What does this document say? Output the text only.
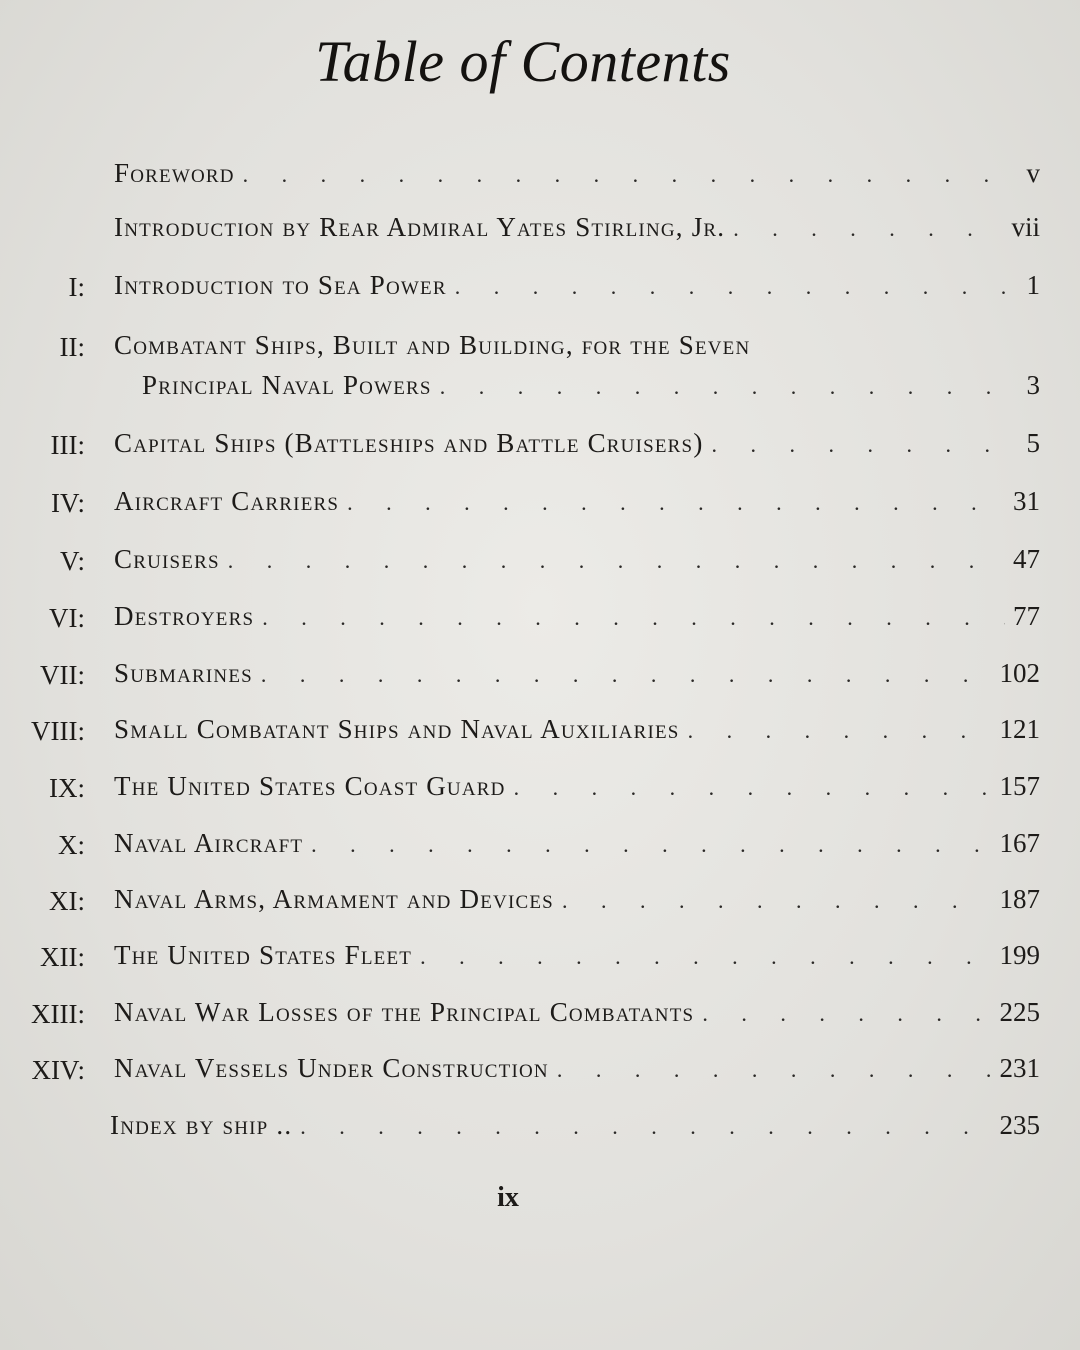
Table of Contents
Foreword . . .	v
Introduction by Rear Admiral Yates Stirling, Jr. . . .	vii
I: Introduction to Sea Power . . .	1
II: Combatant Ships, Built and Building, for the Seven
Principal Naval Powers . . .	3
III: Capital Ships (Battleships and Battle Cruisers) . . .	5
IV: Aircraft Carriers . . .	31
V: Cruisers . . .	47
VI: Destroyers . . .	77
VII: Submarines . . .	102
VIII: Small Combatant Ships and Naval Auxiliaries . . .	121
IX: The United States Coast Guard . . .	157
X: Naval Aircraft . . .	167
XI: Naval Arms, Armament and Devices . . .	187
XII: The United States Fleet . . .	199
XIII: Naval War Losses of the Principal Combatants . . .	225
XIV: Naval Vessels Under Construction . . .	231
Index by ship .. . . .	235
ix
